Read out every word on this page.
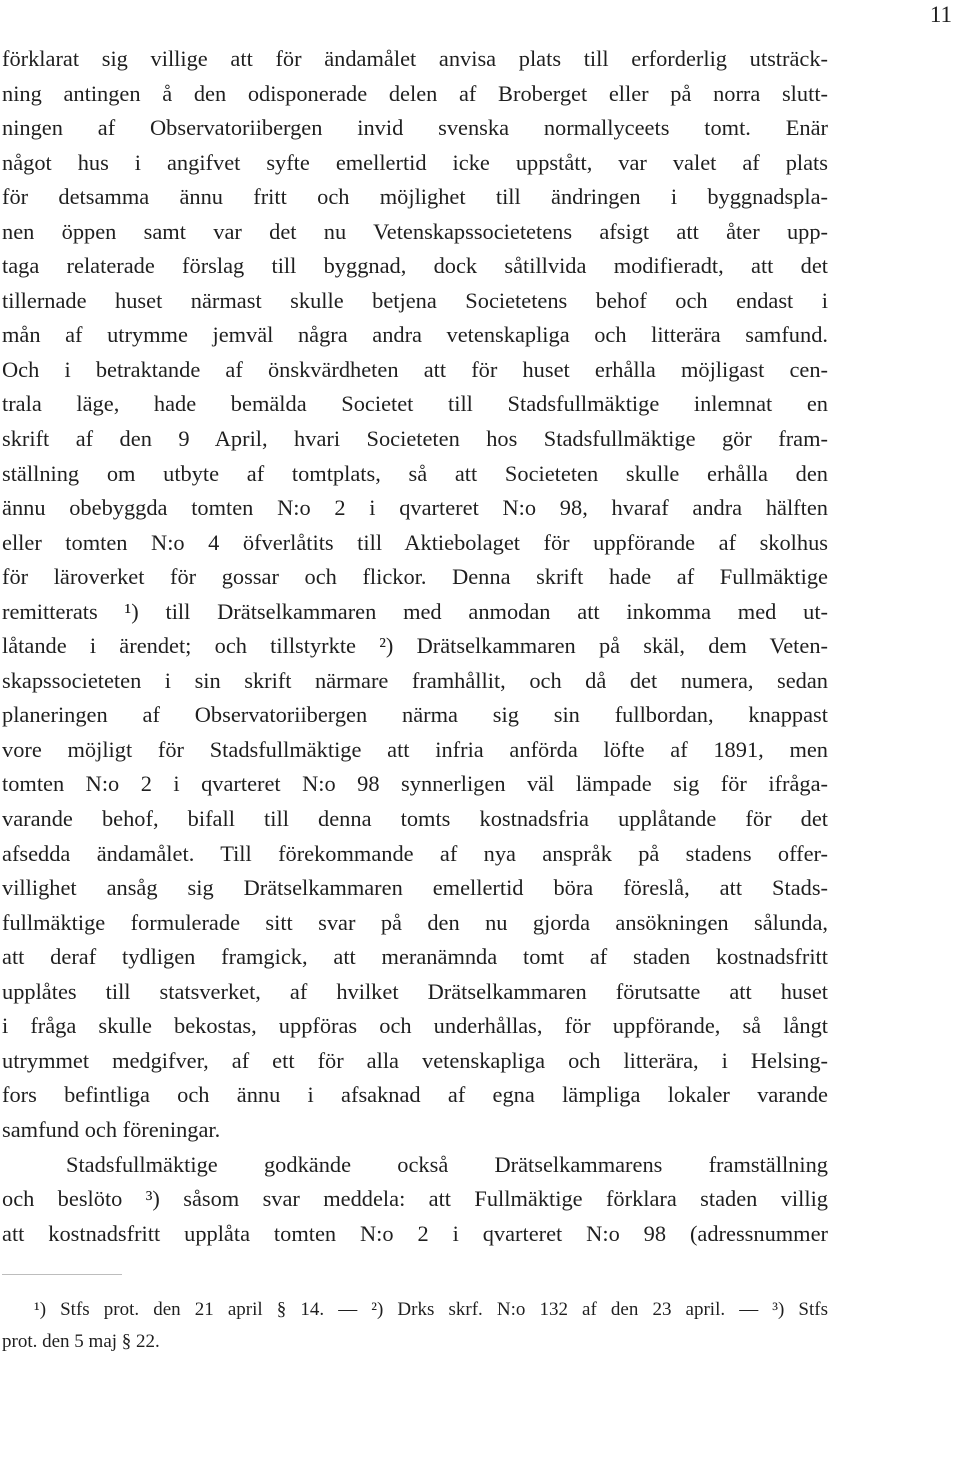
11
förklarat sig villige att för ändamålet anvisa plats till erforderlig utsträck-
ning antingen å den odisponerade delen af Broberget eller på norra slutt-
ningen af Observatoriibergen invid svenska normallyceets tomt. Enär
något hus i angifvet syfte emellertid icke uppstått, var valet af plats
för detsamma ännu fritt och möjlighet till ändringen i byggnadspla-
nen öppen samt var det nu Vetenskapssocietetens afsigt att åter upp-
taga relaterade förslag till byggnad, dock såtillvida modifieradt, att det
tillernade huset närmast skulle betjena Societetens behof och endast i
mån af utrymme jemväl några andra vetenskapliga och litterära samfund.
Och i betraktande af önskvärdheten att för huset erhålla möjligast cen-
trala läge, hade bemälda Societet till Stadsfullmäktige inlemnat en
skrift af den 9 April, hvari Societeten hos Stadsfullmäktige gör fram-
ställning om utbyte af tomtplats, så att Societeten skulle erhålla den
ännu obebyggda tomten N:o 2 i qvarteret N:o 98, hvaraf andra hälften
eller tomten N:o 4 öfverlåtits till Aktiebolaget för uppförande af skolhus
för läroverket för gossar och flickor. Denna skrift hade af Fullmäktige
remitterats ¹) till Drätselkammaren med anmodan att inkomma med ut-
låtande i ärendet; och tillstyrkte ²) Drätselkammaren på skäl, dem Veten-
skapssocieteten i sin skrift närmare framhållit, och då det numera, sedan
planeringen af Observatoriibergen närma sig sin fullbordan, knappast
vore möjligt för Stadsfullmäktige att infria anförda löfte af 1891, men
tomten N:o 2 i qvarteret N:o 98 synnerligen väl lämpade sig för ifråga-
varande behof, bifall till denna tomts kostnadsfria upplåtande för det
afsedda ändamålet. Till förekommande af nya anspråk på stadens offer-
villighet ansåg sig Drätselkammaren emellertid böra föreslå, att Stads-
fullmäktige formulerade sitt svar på den nu gjorda ansökningen sålunda,
att deraf tydligen framgick, att meranämnda tomt af staden kostnadsfritt
upplåtes till statsverket, af hvilket Drätselkammaren förutsatte att huset
i fråga skulle bekostas, uppföras och underhållas, för uppförande, så långt
utrymmet medgifver, af ett för alla vetenskapliga och litterära, i Helsing-
fors befintliga och ännu i afsaknad af egna lämpliga lokaler varande
samfund och föreningar.
Stadsfullmäktige godkände också Drätselkammarens framställning
och beslöto ³) såsom svar meddela: att Fullmäktige förklara staden villig
att kostnadsfritt upplåta tomten N:o 2 i qvarteret N:o 98 (adressnummer
¹) Stfs prot. den 21 april § 14. — ²) Drks skrf. N:o 132 af den 23 april. — ³) Stfs
prot. den 5 maj § 22.
